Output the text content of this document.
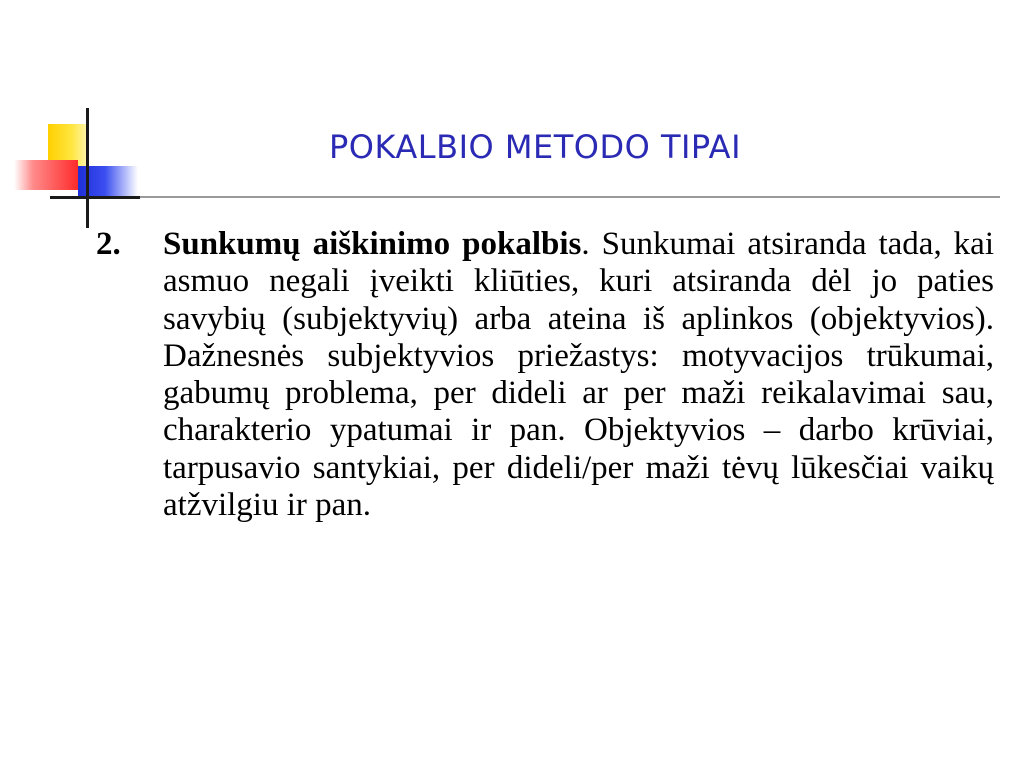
POKALBIO METODO TIPAI
2.	Sunkumų aiškinimo pokalbis. Sunkumai atsiranda tada, kai asmuo negali įveikti kliūties, kuri atsiranda dėl jo paties savybių (subjektyvių) arba ateina iš aplinkos (objektyvios). Dažnesnės subjektyvios priežastys: motyvacijos trūkumai, gabumų problema, per dideli ar per maži reikalavimai sau, charakterio ypatumai ir pan. Objektyvios – darbo krūviai, tarpusavio santykiai, per dideli/per maži tėvų lūkesčiai vaikų atžvilgiu ir pan.
